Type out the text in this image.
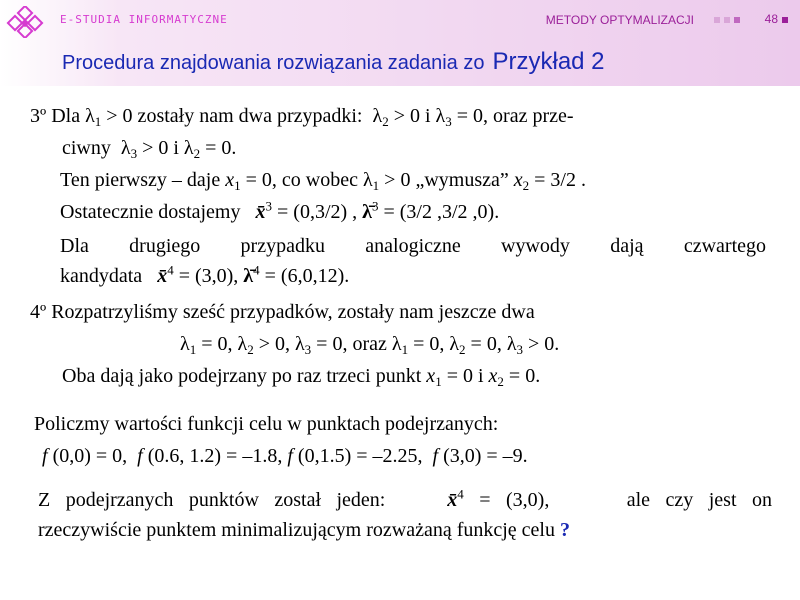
E-STUDIA INFORMATYCZNE	METODY OPTYMALIZACJI	48
Procedura znajdowania rozwiązania zadania zo Przykład 2
3º Dla $\lambda_1 > 0$ zostały nam dwa przypadki:  $\lambda_2 > 0$ i $\lambda_3 = 0$, oraz prze-
ciwny  $\lambda_3 > 0$ i $\lambda_2 = 0$.
Ten pierwszy – daje $x_1 = 0$, co wobec $\lambda_1 > 0$ „wymusza” $x_2 = 3/2$ .
Ostatecznie dostajemy   x̄$^3$ = (0,3/2) , λ̄$^3$ = (3/2 ,3/2 ,0).
Dla drugiego przypadku analogiczne wywody dają czwartego
kandydata   x̄$^4$ = (3,0), λ̄$^4$ = (6,0,12).
4º Rozpatrzyliśmy sześć przypadków, zostały nam jeszcze dwa
$\lambda_1 = 0$, $\lambda_2 > 0$, $\lambda_3 = 0$, oraz $\lambda_1 = 0$, $\lambda_2 = 0$, $\lambda_3 > 0$.
Oba dają jako podejrzany po raz trzeci punkt $x_1 = 0$ i $x_2 = 0$.
Policzmy wartości funkcji celu w punktach podejrzanych:
f (0,0) = 0,  f (0.6, 1.2) = –1.8, f (0,1.5) = –2.25,  f (3,0) = –9.
Z podejrzanych punktów został jeden:    x̄$^4$ = (3,0),     ale czy jest on
rzeczywiście punktem minimalizującym rozważaną funkcję celu ?
